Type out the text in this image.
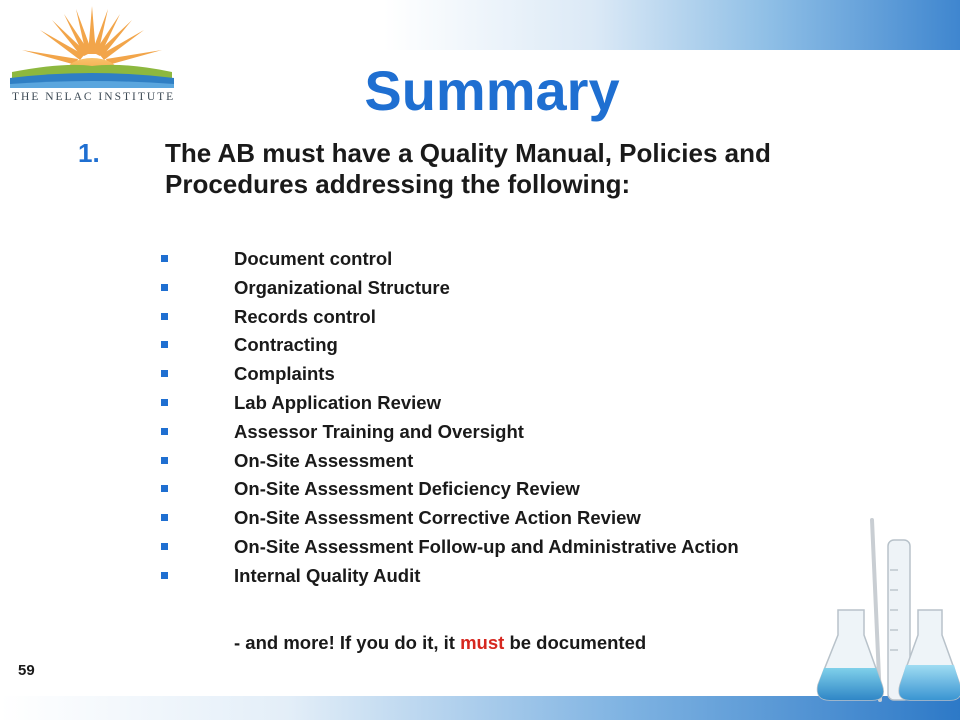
THE NELAC INSTITUTE	Summary
1.	The AB must have a Quality Manual, Policies and Procedures addressing the following:
Document control
Organizational Structure
Records control
Contracting
Complaints
Lab Application Review
Assessor Training and Oversight
On-Site Assessment
On-Site Assessment Deficiency Review
On-Site Assessment Corrective Action Review
On-Site Assessment Follow-up and Administrative Action
Internal Quality Audit
- and more! If you do it, it must be documented
59
